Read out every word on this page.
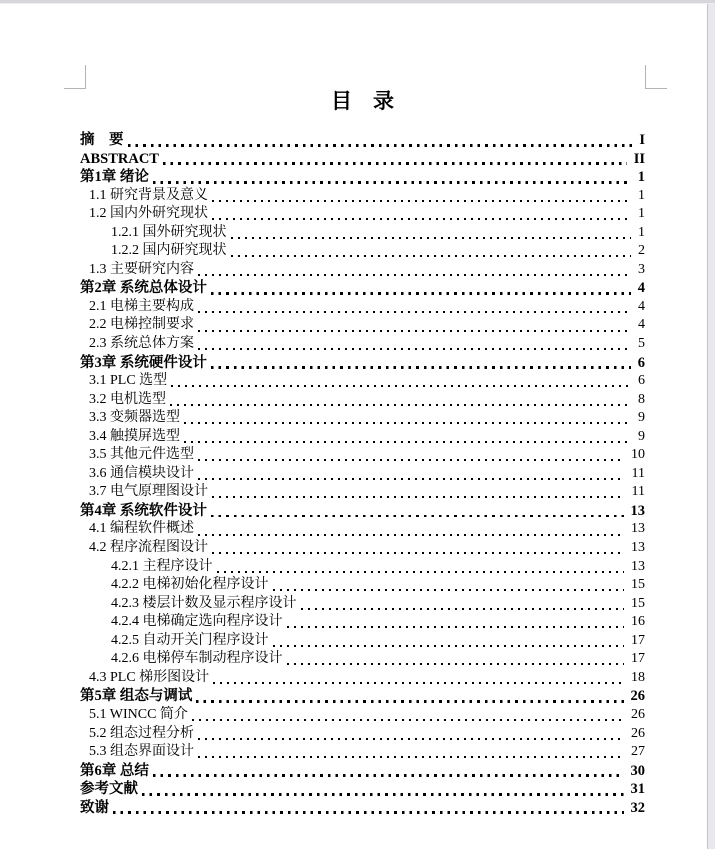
目　录
摘　要	I
ABSTRACT	II
第1章 绪论	1
1.1 研究背景及意义	1
1.2 国内外研究现状	1
1.2.1 国外研究现状	1
1.2.2 国内研究现状	2
1.3 主要研究内容	3
第2章 系统总体设计	4
2.1 电梯主要构成	4
2.2 电梯控制要求	4
2.3 系统总体方案	5
第3章 系统硬件设计	6
3.1 PLC 选型	6
3.2 电机选型	8
3.3 变频器选型	9
3.4 触摸屏选型	9
3.5 其他元件选型	10
3.6 通信模块设计	11
3.7 电气原理图设计	11
第4章 系统软件设计	13
4.1 编程软件概述	13
4.2 程序流程图设计	13
4.2.1 主程序设计	13
4.2.2 电梯初始化程序设计	15
4.2.3 楼层计数及显示程序设计	15
4.2.4 电梯确定选向程序设计	16
4.2.5 自动开关门程序设计	17
4.2.6 电梯停车制动程序设计	17
4.3 PLC 梯形图设计	18
第5章 组态与调试	26
5.1 WINCC 简介	26
5.2 组态过程分析	26
5.3 组态界面设计	27
第6章 总结	30
参考文献	31
致谢	32
